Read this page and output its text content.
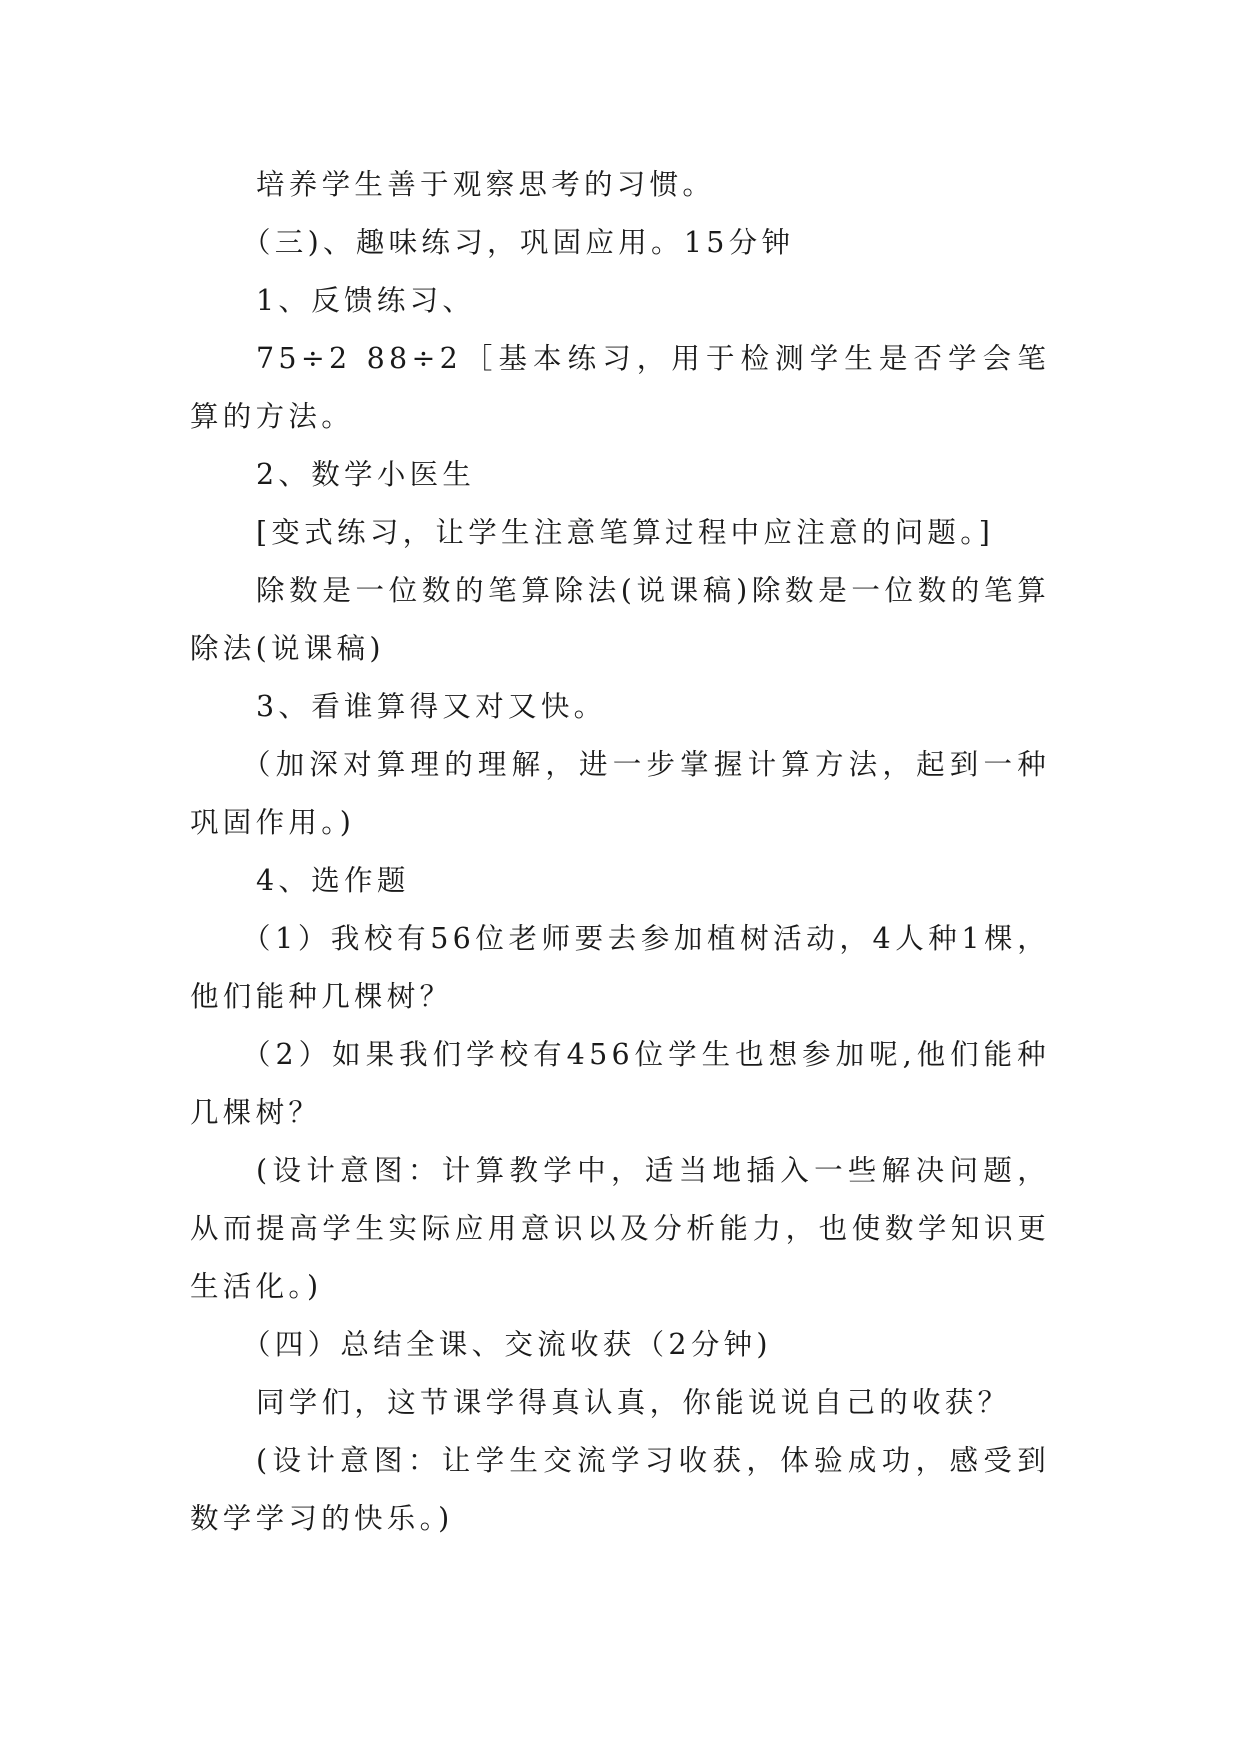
培养学生善于观察思考的习惯。

（三)、趣味练习，巩固应用。15分钟

1、反馈练习、

75÷2 88÷2［基本练习，用于检测学生是否学会笔算的方法。

2、数学小医生

[变式练习，让学生注意笔算过程中应注意的问题。]

除数是一位数的笔算除法(说课稿)除数是一位数的笔算除法(说课稿)

3、看谁算得又对又快。

（加深对算理的理解，进一步掌握计算方法，起到一种巩固作用。)

4、选作题

（1）我校有56位老师要去参加植树活动，4人种1棵，他们能种几棵树？

（2）如果我们学校有456位学生也想参加呢,他们能种几棵树？

(设计意图：计算教学中，适当地插入一些解决问题，从而提高学生实际应用意识以及分析能力，也使数学知识更生活化。)

（四）总结全课、交流收获（2分钟)

同学们，这节课学得真认真，你能说说自己的收获？

(设计意图：让学生交流学习收获，体验成功，感受到数学学习的快乐。)
